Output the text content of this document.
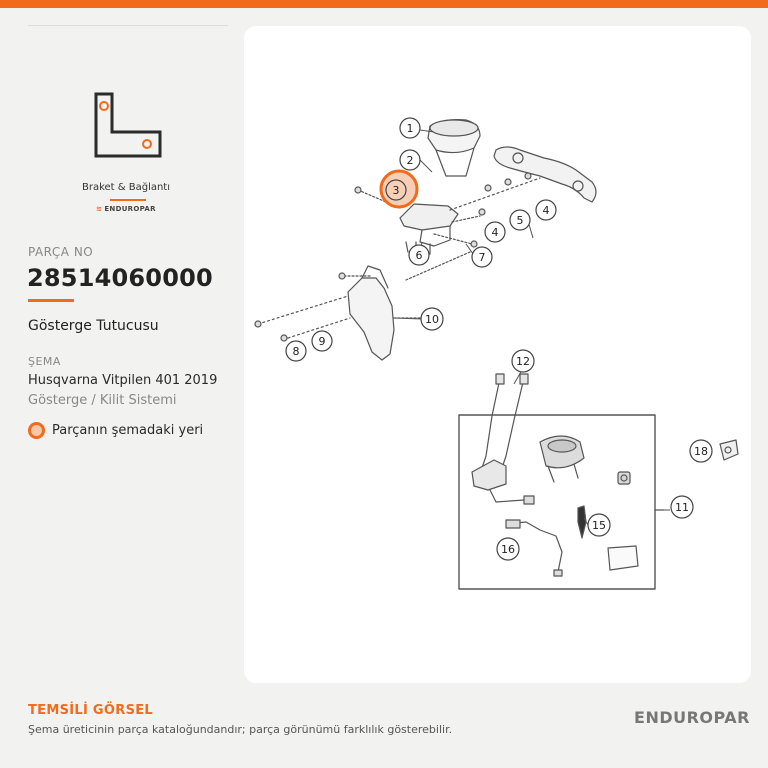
Braket & Bağlantı
≋ ENDUROPAR
PARÇA NO
28514060000
Gösterge Tutucusu
ŞEMA
Husqvarna Vitpilen 401 2019
Gösterge / Kilit Sistemi
Parçanın şemadaki yeri
1
2
3
4
4
5
6	7
8
9
10
11
12
15
16
18
TEMSİLİ GÖRSEL
Şema üreticinin parça kataloğundandır; parça görünümü farklılık gösterebilir.
ENDUROPAR
